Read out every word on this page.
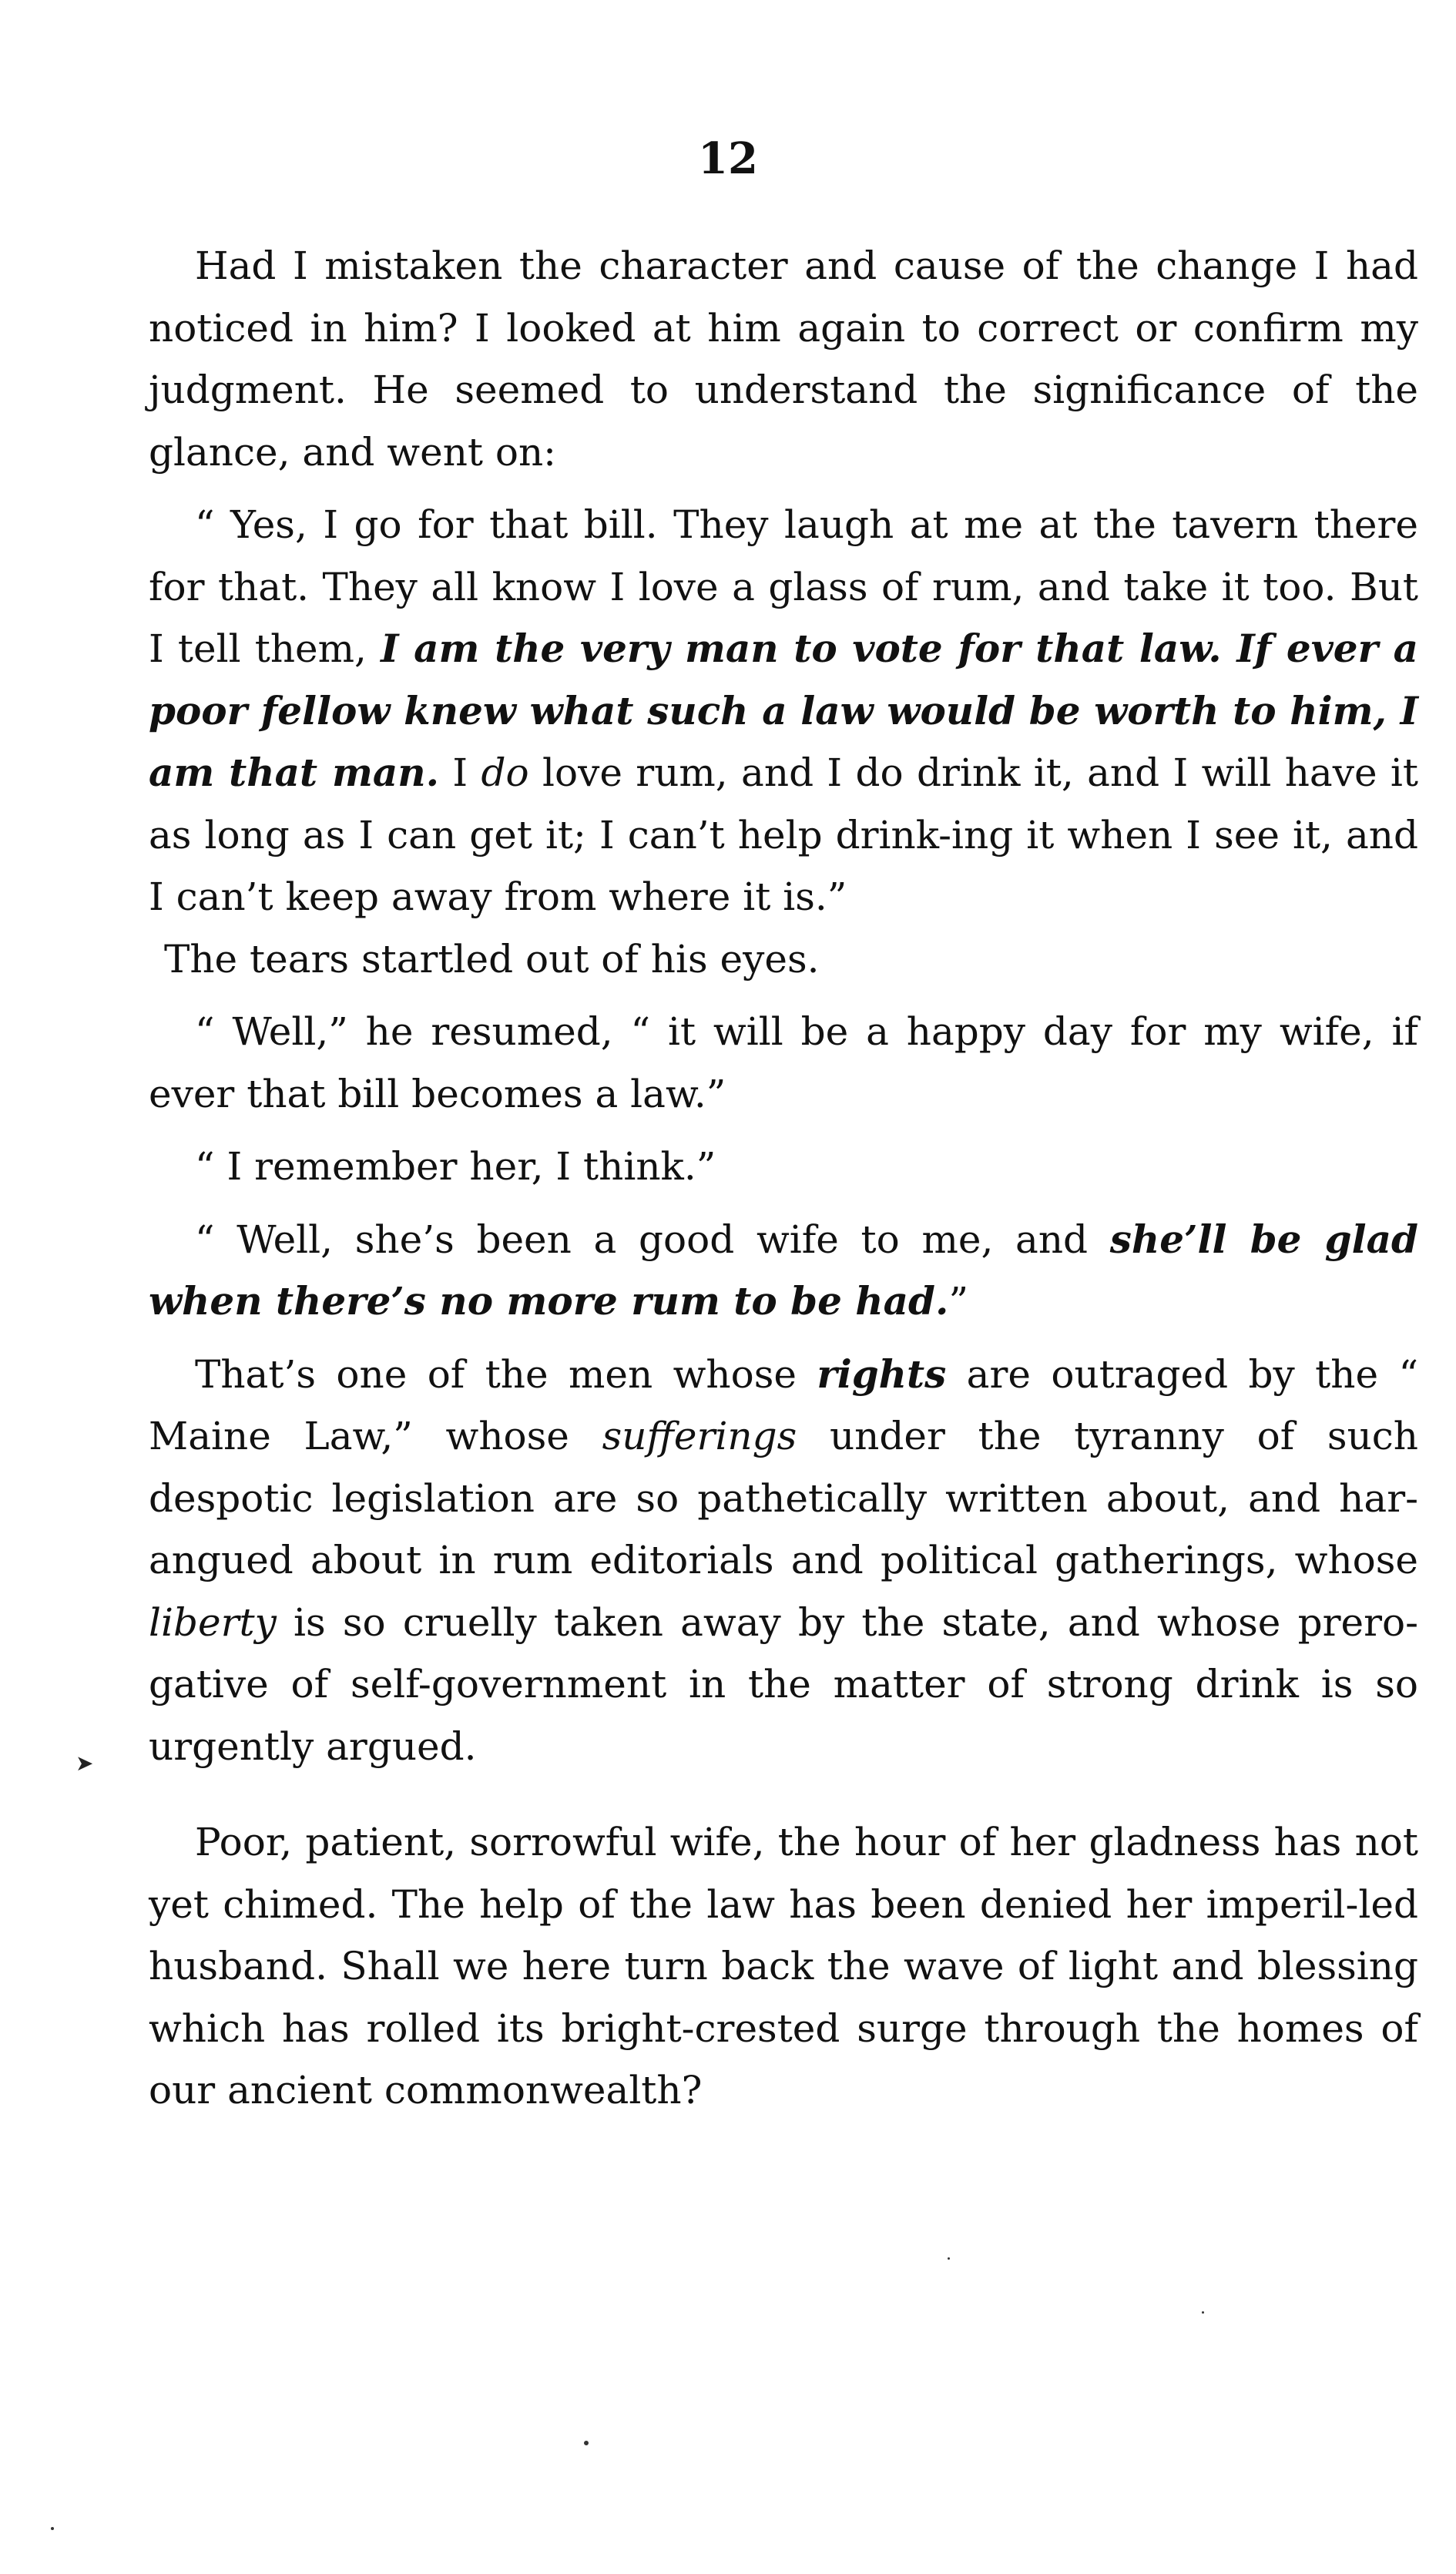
12

Had I mistaken the character and cause of the change I had noticed in him? I looked at him again to correct or confirm my judgment. He seemed to understand the significance of the glance, and went on:

“ Yes, I go for that bill. They laugh at me at the tavern there for that. They all know I love a glass of rum, and take it too. But I tell them, I am the very man to vote for that law. If ever a poor fellow knew what such a law would be worth to him, I am that man. I do love rum, and I do drink it, and I will have it as long as I can get it; I can’t help drink-ing it when I see it, and I can’t keep away from where it is.”

The tears startled out of his eyes.

“ Well,” he resumed, “ it will be a happy day for my wife, if ever that bill becomes a law.”

“ I remember her, I think.”

“ Well, she’s been a good wife to me, and she’ll be glad when there’s no more rum to be had.”

That’s one of the men whose rights are outraged by the “ Maine Law,” whose sufferings under the tyranny of such despotic legislation are so pathetically written about, and har-angued about in rum editorials and political gatherings, whose liberty is so cruelly taken away by the state, and whose prero-gative of self-government in the matter of strong drink is so urgently argued.

Poor, patient, sorrowful wife, the hour of her gladness has not yet chimed. The help of the law has been denied her imperil-led husband. Shall we here turn back the wave of light and blessing which has rolled its bright-crested surge through the homes of our ancient commonwealth?

➤
